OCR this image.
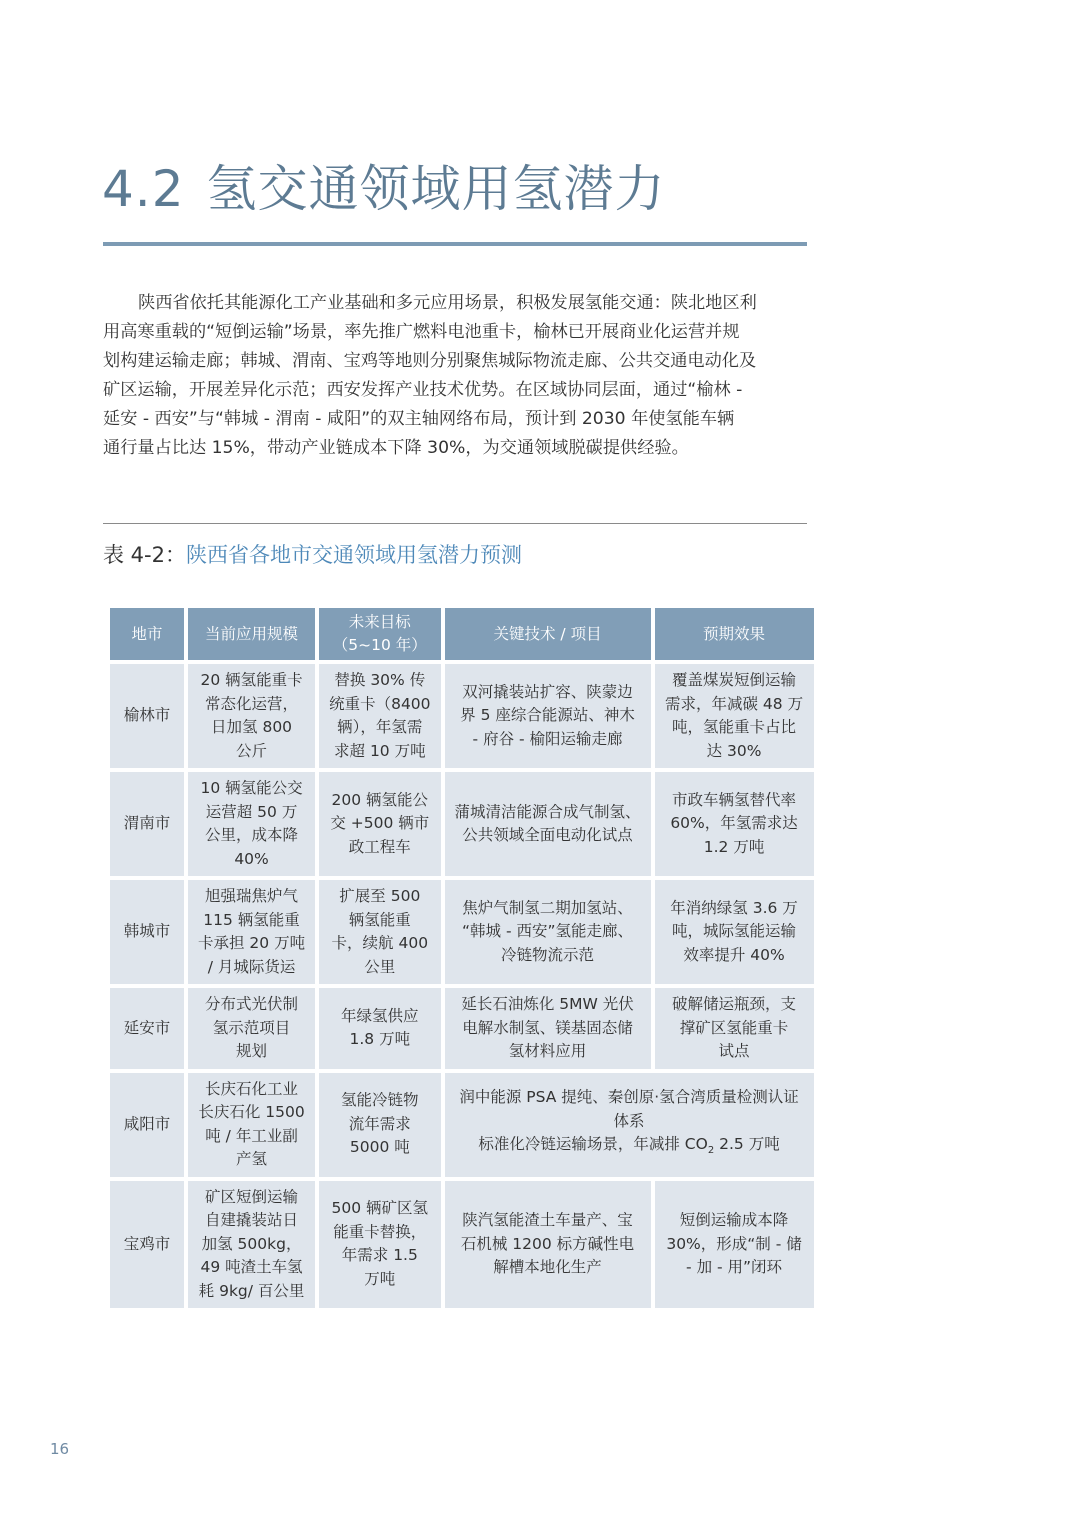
4.2 氢交通领域用氢潜力

陕西省依托其能源化工产业基础和多元应用场景，积极发展氢能交通：陕北地区利
用高寒重载的“短倒运输”场景，率先推广燃料电池重卡，榆林已开展商业化运营并规
划构建运输走廊；韩城、渭南、宝鸡等地则分别聚焦城际物流走廊、公共交通电动化及
矿区运输，开展差异化示范；西安发挥产业技术优势。在区域协同层面，通过“榆林 -
延安 - 西安”与“韩城 - 渭南 - 咸阳”的双主轴网络布局，预计到 2030 年使氢能车辆
通行量占比达 15%，带动产业链成本下降 30%，为交通领域脱碳提供经验。

表 4-2：陕西省各地市交通领域用氢潜力预测
地市	当前应用规模	未来目标
（5~10 年）	关键技术 / 项目	预期效果
榆林市	20 辆氢能重卡
常态化运营，
日加氢 800
公斤	替换 30% 传
统重卡（8400
辆），年氢需
求超 10 万吨	双河撬装站扩容、陕蒙边
界 5 座综合能源站、神木
- 府谷 - 榆阳运输走廊	覆盖煤炭短倒运输
需求，年减碳 48 万
吨，氢能重卡占比
达 30%

渭南市	10 辆氢能公交
运营超 50 万
公里，成本降
40%	200 辆氢能公
交 +500 辆市
政工程车	蒲城清洁能源合成气制氢、
公共领域全面电动化试点	市政车辆氢替代率
60%，年氢需求达
1.2 万吨

韩城市	旭强瑞焦炉气
115 辆氢能重
卡承担 20 万吨
/ 月城际货运	扩展至 500
辆氢能重
卡，续航 400
公里	焦炉气制氢二期加氢站、
“韩城 - 西安”氢能走廊、
冷链物流示范	年消纳绿氢 3.6 万
吨，城际氢能运输
效率提升 40%

延安市	分布式光伏制
氢示范项目
规划	年绿氢供应
1.8 万吨	延长石油炼化 5MW 光伏
电解水制氢、镁基固态储
氢材料应用	破解储运瓶颈，支
撑矿区氢能重卡
试点

咸阳市	长庆石化工业
长庆石化 1500
吨 / 年工业副
产氢	氢能冷链物
流年需求
5000 吨	润中能源 PSA 提纯、秦创原·氢合湾质量检测认证
体系
标准化冷链运输场景，年减排 $CO_2$ 2.5 万吨	

宝鸡市	矿区短倒运输
自建撬装站日
加氢 500kg，
49 吨渣土车氢
耗 9kg/ 百公里	500 辆矿区氢
能重卡替换，
年需求 1.5
万吨	陕汽氢能渣土车量产、宝
石机械 1200 标方碱性电
解槽本地化生产	短倒运输成本降
30%，形成“制 - 储
- 加 - 用”闭环
16
